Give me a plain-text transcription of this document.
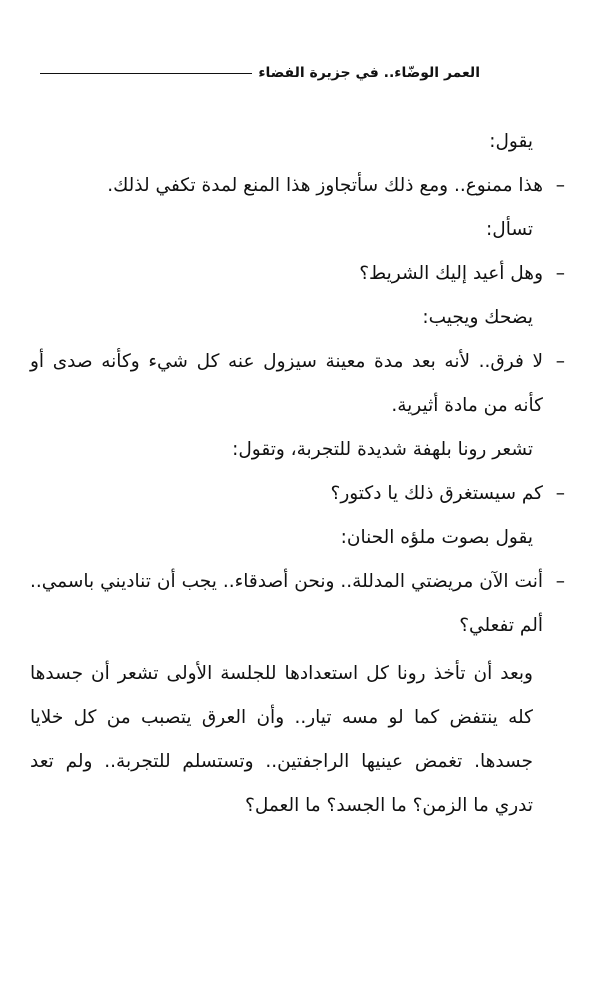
العمر الوضّاء.. في جزيرة الفضاء

يقول:

–
هذا ممنوع.. ومع ذلك سأتجاوز هذا المنع لمدة تكفي لذلك.

تسأل:

–
وهل أعيد إليك الشريط؟

يضحك ويجيب:

–
لا فرق.. لأنه بعد مدة معينة سيزول عنه كل شيء وكأنه صدى أو كأنه من مادة أثيرية.

تشعر رونا بلهفة شديدة للتجربة، وتقول:

–
كم سيستغرق ذلك يا دكتور؟

يقول بصوت ملؤه الحنان:

–
أنت الآن مريضتي المدللة.. ونحن أصدقاء.. يجب أن تناديني باسمي.. ألم تفعلي؟

وبعد أن تأخذ رونا كل استعدادها للجلسة الأولى تشعر أن جسدها كله ينتفض كما لو مسه تيار.. وأن العرق يتصبب من كل خلايا جسدها. تغمض عينيها الراجفتين.. وتستسلم للتجربة.. ولم تعد تدري ما الزمن؟ ما الجسد؟ ما العمل؟
